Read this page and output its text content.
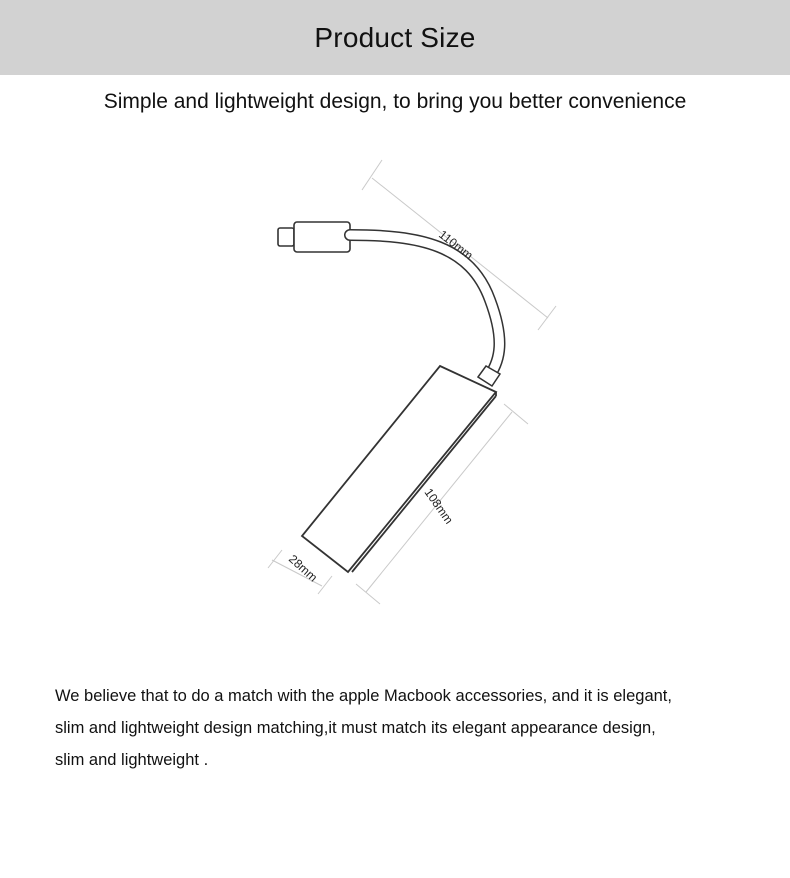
Product Size
Simple and lightweight design, to bring you better convenience
110mm
108mm
28mm

We believe that to do a match with the apple Macbook accessories, and it is elegant,

slim and lightweight design matching,it must match its elegant appearance design,

slim and lightweight .
